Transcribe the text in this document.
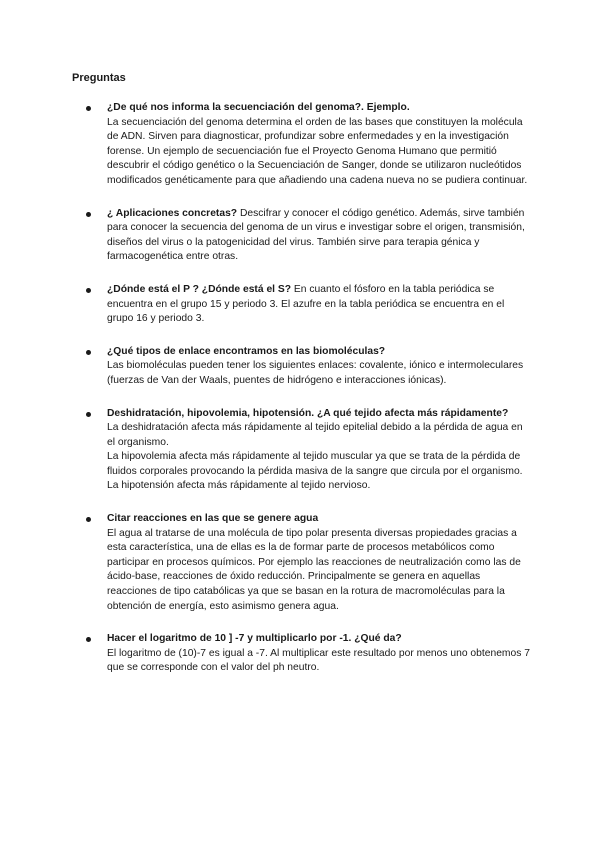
Preguntas
¿De qué nos informa la secuenciación del genoma?. Ejemplo.
La secuenciación del genoma determina el orden de las bases que constituyen la molécula de ADN. Sirven para diagnosticar, profundizar sobre enfermedades y en la investigación forense. Un ejemplo de secuenciación fue el Proyecto Genoma Humano que permitió descubrir el código genético o la Secuenciación de Sanger, donde se utilizaron nucleótidos modificados genéticamente para que añadiendo una cadena nueva no se pudiera continuar.
¿ Aplicaciones concretas? Descifrar y conocer el código genético. Además, sirve también para conocer la secuencia del genoma de un virus e investigar sobre el origen, transmisión, diseños del virus o la patogenicidad del virus. También sirve para terapia génica y farmacogenética entre otras.
¿Dónde está el P ? ¿Dónde está el S? En cuanto el fósforo en la tabla periódica se encuentra en el grupo 15 y periodo 3. El azufre en la tabla periódica se encuentra en el grupo 16 y periodo 3.
¿Qué tipos de enlace encontramos en las biomoléculas?
Las biomoléculas pueden tener los siguientes enlaces: covalente, iónico e intermoleculares (fuerzas de Van der Waals, puentes de hidrógeno e interacciones iónicas).
Deshidratación, hipovolemia, hipotensión. ¿A qué tejido afecta más rápidamente?
La deshidratación afecta más rápidamente al tejido epitelial debido a la pérdida de agua en el organismo.
La hipovolemia afecta más rápidamente al tejido muscular ya que se trata de la pérdida de fluidos corporales provocando la pérdida masiva de la sangre que circula por el organismo.
La hipotensión afecta más rápidamente al tejido nervioso.
Citar reacciones en las que se genere agua
El agua al tratarse de una molécula de tipo polar presenta diversas propiedades gracias a esta característica, una de ellas es la de formar parte de procesos metabólicos como participar en procesos químicos. Por ejemplo las reacciones de neutralización como las de ácido-base, reacciones de óxido reducción. Principalmente se genera en aquellas reacciones de tipo catabólicas ya que se basan en la rotura de macromoléculas para la obtención de energía, esto asimismo genera agua.
Hacer el logaritmo de 10 ] -7 y multiplicarlo por -1. ¿Qué da?
El logaritmo de (10)-7 es igual a -7. Al multiplicar este resultado por menos uno obtenemos 7 que se corresponde con el valor del ph neutro.
